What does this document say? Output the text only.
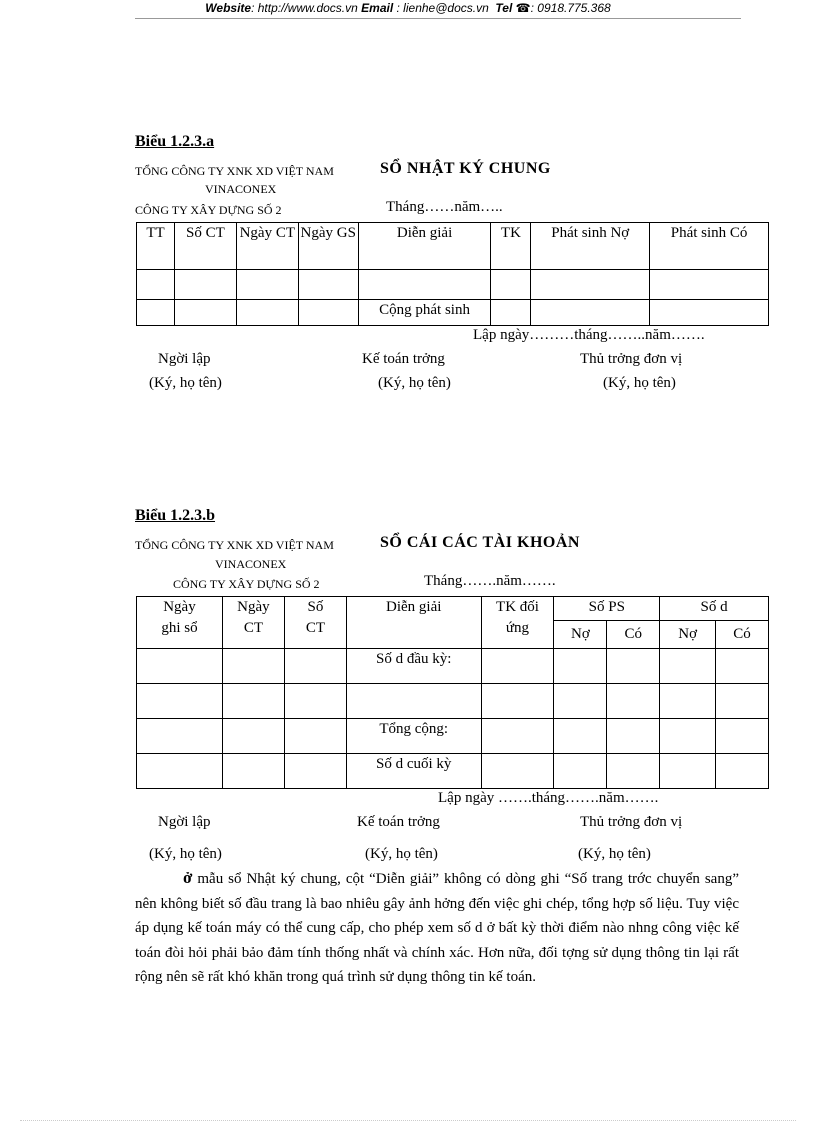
Website: http://www.docs.vn Email : lienhe@docs.vn Tel ☎: 0918.775.368
Biểu 1.2.3.a
TỔNG CÔNG TY XNK XD VIỆT NAM	SỔ NHẬT KÝ CHUNG
VINACONEX
CÔNG TY XÂY DỰNG SỐ 2	Tháng……năm…..
TT	Số CT	Ngày CT	Ngày GS	Diễn giải	TK	Phát sinh Nợ	Phát sinh Có

				Cộng phát sinh			
Lập ngày………tháng……..năm…….
Ngời lập	Kế toán trởng	Thủ trởng đơn vị
(Ký, họ tên)	(Ký, họ tên)	(Ký, họ tên)
Biểu 1.2.3.b
TỔNG CÔNG TY XNK XD VIỆT NAM	SỔ CÁI CÁC TÀI KHOẢN
VINACONEX
CÔNG TY XÂY DỰNG SỐ 2	Tháng…….năm…….
Ngày ghi sổ	Ngày CT	Số CT	Diễn giải	TK đối ứng	Số PS		Số d	
					Nợ	Có	Nợ	Có
			Số d đầu kỳ:					

			Tổng cộng:					
			Số d cuối kỳ					
Lập ngày …….tháng…….năm…….
Ngời lập	Kế toán trởng	Thủ trởng đơn vị
(Ký, họ tên)	(Ký, họ tên)	(Ký, họ tên)
ở mẫu sổ Nhật ký chung, cột “Diễn giải” không có dòng ghi “Số trang trớc chuyển sang” nên không biết số đầu trang là bao nhiêu gây ảnh hởng đến việc ghi chép, tổng hợp số liệu. Tuy việc áp dụng kế toán máy có thể cung cấp, cho phép xem số d ở bất kỳ thời điểm nào nhng công việc kế toán đòi hỏi phải bảo đảm tính thống nhất và chính xác. Hơn nữa, đối tợng sử dụng thông tin lại rất rộng nên sẽ rất khó khăn trong quá trình sử dụng thông tin kế toán.
